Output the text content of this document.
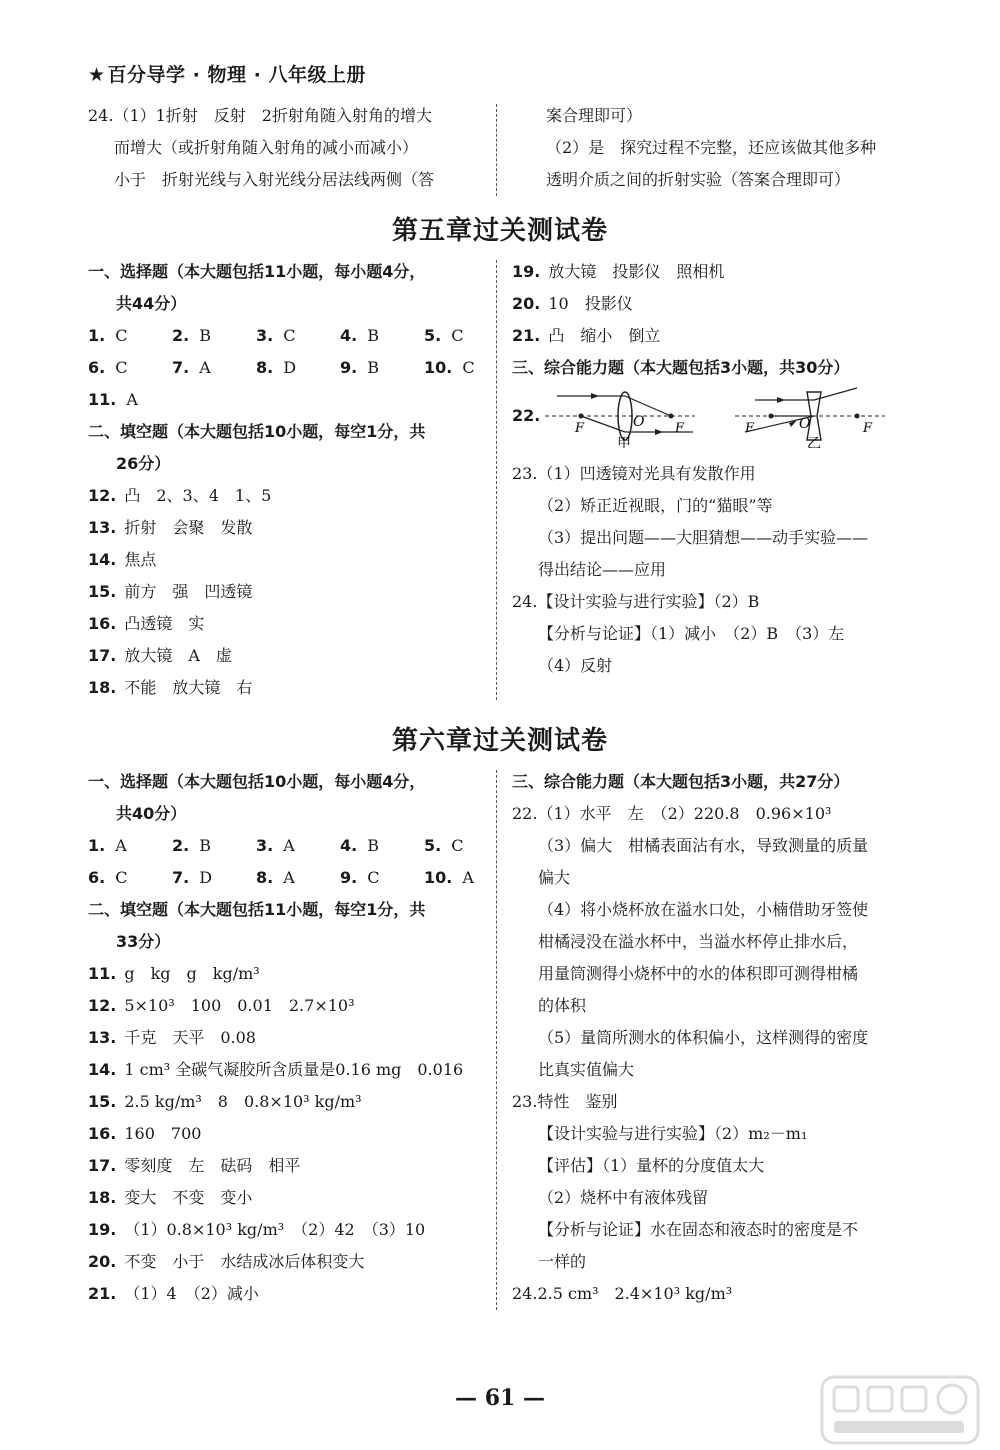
★ 百分导学 · 物理 · 八年级上册
24.（1）1折射　反射　2折射角随入射角的增大
而增大（或折射角随入射角的减小而减小）
小于　折射光线与入射光线分居法线两侧（答
案合理即可）
（2）是　探究过程不完整，还应该做其他多种
透明介质之间的折射实验（答案合理即可）
第五章过关测试卷
一、选择题（本大题包括11小题，每小题4分，
共44分）
1. C	2. B	3. C	4. B	5. C
6. C	7. A	8. D	9. B	10. C
11. A
二、填空题（本大题包括10小题，每空1分，共
26分）
12. 凸　2、3、4　1、5
13. 折射　会聚　发散
14. 焦点
15. 前方　强　凹透镜
16. 凸透镜　实
17. 放大镜　A　虚
18. 不能　放大镜　右
19. 放大镜　投影仪　照相机
20. 10　投影仪
21. 凸　缩小　倒立
三、综合能力题（本大题包括3小题，共30分）
22.
F	O F
甲
F	O	F
乙
23.（1）凹透镜对光具有发散作用
（2）矫正近视眼，门的“猫眼”等
（3）提出问题——大胆猜想——动手实验——
得出结论——应用
24.【设计实验与进行实验】（2）B
【分析与论证】（1）减小　（2）B　（3）左
（4）反射
第六章过关测试卷
一、选择题（本大题包括10小题，每小题4分，
共40分）
1. A	2. B	3. A	4. B	5. C
6. C	7. D	8. A	9. C	10. A
二、填空题（本大题包括11小题，每空1分，共
33分）
11. g　kg　g　kg/m³
12. 5×10³　100　0.01　2.7×10³
13. 千克　天平　0.08
14. 1 cm³ 全碳气凝胶所含质量是0.16 mg　0.016
15. 2.5 kg/m³　8　0.8×10³ kg/m³
16. 160　700
17. 零刻度　左　砝码　相平
18. 变大　不变　变小
19. （1）0.8×10³ kg/m³　（2）42　（3）10
20. 不变　小于　水结成冰后体积变大
21. （1）4　（2）减小
三、综合能力题（本大题包括3小题，共27分）
22.（1）水平　左　（2）220.8　0.96×10³
（3）偏大　柑橘表面沾有水，导致测量的质量
偏大
（4）将小烧杯放在溢水口处，小楠借助牙签使
柑橘浸没在溢水杯中，当溢水杯停止排水后，
用量筒测得小烧杯中的水的体积即可测得柑橘
的体积
（5）量筒所测水的体积偏小，这样测得的密度
比真实值偏大
23.特性　鉴别
【设计实验与进行实验】（2）m₂－m₁
【评估】（1）量杯的分度值太大
（2）烧杯中有液体残留
【分析与论证】水在固态和液态时的密度是不
一样的
24.2.5 cm³　2.4×10³ kg/m³
— 61 —
